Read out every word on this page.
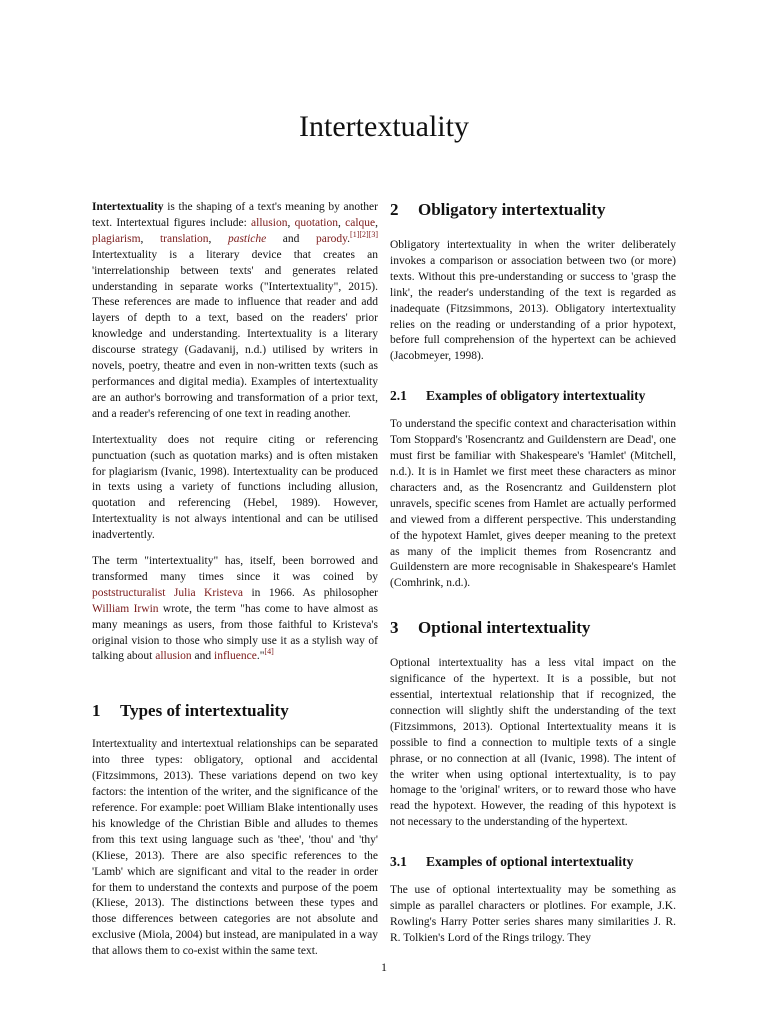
Intertextuality

Intertextuality is the shaping of a text's meaning by another text. Intertextual figures include: allusion, quotation, calque, plagiarism, translation, pastiche and parody.[1][2][3] Intertextuality is a literary device that creates an 'interrelationship between texts' and generates related understanding in separate works ("Intertextuality", 2015). These references are made to influence that reader and add layers of depth to a text, based on the readers' prior knowledge and understanding. Intertextuality is a literary discourse strategy (Gadavanij, n.d.) utilised by writers in novels, poetry, theatre and even in non-written texts (such as performances and digital media). Examples of intertextuality are an author's borrowing and transformation of a prior text, and a reader's referencing of one text in reading another.

Intertextuality does not require citing or referencing punctuation (such as quotation marks) and is often mistaken for plagiarism (Ivanic, 1998). Intertextuality can be produced in texts using a variety of functions including allusion, quotation and referencing (Hebel, 1989). However, Intertextuality is not always intentional and can be utilised inadvertently.

The term "intertextuality" has, itself, been borrowed and transformed many times since it was coined by poststructuralist Julia Kristeva in 1966. As philosopher William Irwin wrote, the term "has come to have almost as many meanings as users, from those faithful to Kristeva's original vision to those who simply use it as a stylish way of talking about allusion and influence."[4]

1 Types of intertextuality

Intertextuality and intertextual relationships can be separated into three types: obligatory, optional and accidental (Fitzsimmons, 2013). These variations depend on two key factors: the intention of the writer, and the significance of the reference. For example: poet William Blake intentionally uses his knowledge of the Christian Bible and alludes to themes from this text using language such as 'thee', 'thou' and 'thy' (Kliese, 2013). There are also specific references to the 'Lamb' which are significant and vital to the reader in order for them to understand the contexts and purpose of the poem (Kliese, 2013). The distinctions between these types and those differences between categories are not absolute and exclusive (Miola, 2004) but instead, are manipulated in a way that allows them to co-exist within the same text.

2 Obligatory intertextuality

Obligatory intertextuality in when the writer deliberately invokes a comparison or association between two (or more) texts. Without this pre-understanding or success to 'grasp the link', the reader's understanding of the text is regarded as inadequate (Fitzsimmons, 2013). Obligatory intertextuality relies on the reading or understanding of a prior hypotext, before full comprehension of the hypertext can be achieved (Jacobmeyer, 1998).

2.1 Examples of obligatory intertextuality

To understand the specific context and characterisation within Tom Stoppard's 'Rosencrantz and Guildenstern are Dead', one must first be familiar with Shakespeare's 'Hamlet' (Mitchell, n.d.). It is in Hamlet we first meet these characters as minor characters and, as the Rosencrantz and Guildenstern plot unravels, specific scenes from Hamlet are actually performed and viewed from a different perspective. This understanding of the hypotext Hamlet, gives deeper meaning to the pretext as many of the implicit themes from Rosencrantz and Guildenstern are more recognisable in Shakespeare's Hamlet (Comhrink, n.d.).

3 Optional intertextuality

Optional intertextuality has a less vital impact on the significance of the hypertext. It is a possible, but not essential, intertextual relationship that if recognized, the connection will slightly shift the understanding of the text (Fitzsimmons, 2013). Optional Intertextuality means it is possible to find a connection to multiple texts of a single phrase, or no connection at all (Ivanic, 1998). The intent of the writer when using optional intertextuality, is to pay homage to the 'original' writers, or to reward those who have read the hypotext. However, the reading of this hypotext is not necessary to the understanding of the hypertext.

3.1 Examples of optional intertextuality

The use of optional intertextuality may be something as simple as parallel characters or plotlines. For example, J.K. Rowling's Harry Potter series shares many similarities J. R. R. Tolkien's Lord of the Rings trilogy. They

1
